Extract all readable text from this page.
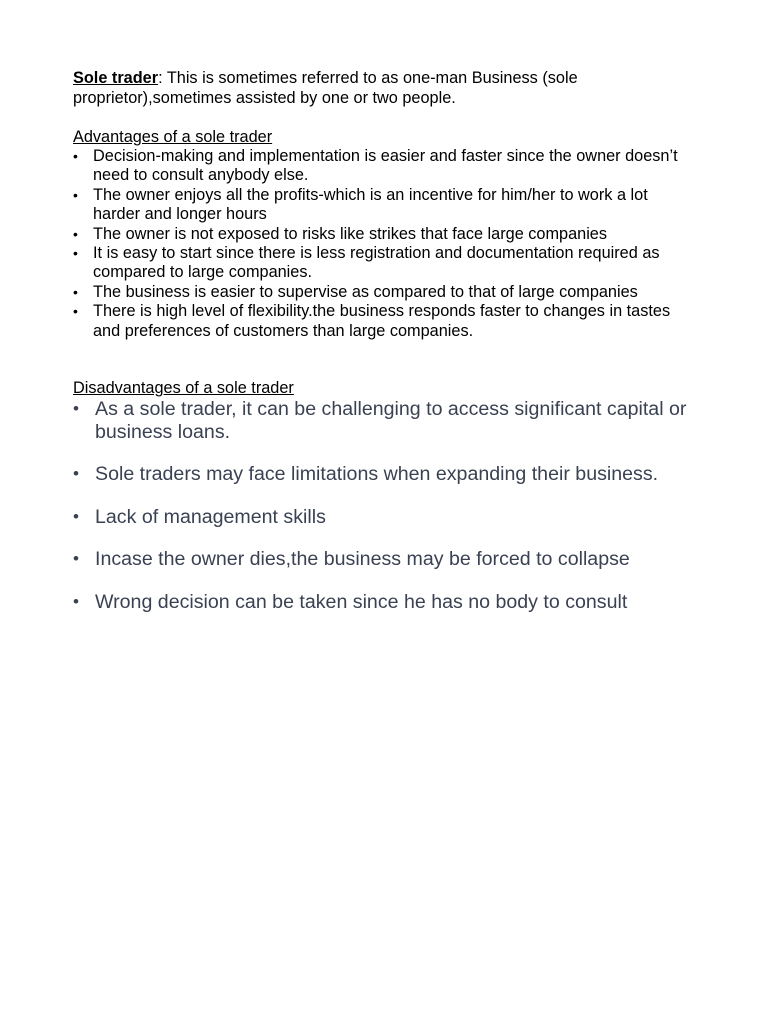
Sole trader: This is sometimes referred to as one-man Business (sole proprietor),sometimes assisted by one or two people.

Advantages of a sole trader

• Decision-making and implementation is easier and faster since the owner doesn’t need to consult anybody else.
• The owner enjoys all the profits-which is an incentive for him/her to work a lot harder and longer hours
• The owner is not exposed to risks like strikes that face large companies
• It is easy to start since there is less registration and documentation required as compared to large companies.
• The business is easier to supervise as compared to that of large companies
• There is high level of flexibility.the business responds faster to changes in tastes and preferences of customers than large companies.

Disadvantages of a sole trader

• As a sole trader, it can be challenging to access significant capital or business loans.
• Sole traders may face limitations when expanding their business.
• Lack of management skills
• Incase the owner dies,the business may be forced to collapse
• Wrong decision can be taken since he has no body to consult
